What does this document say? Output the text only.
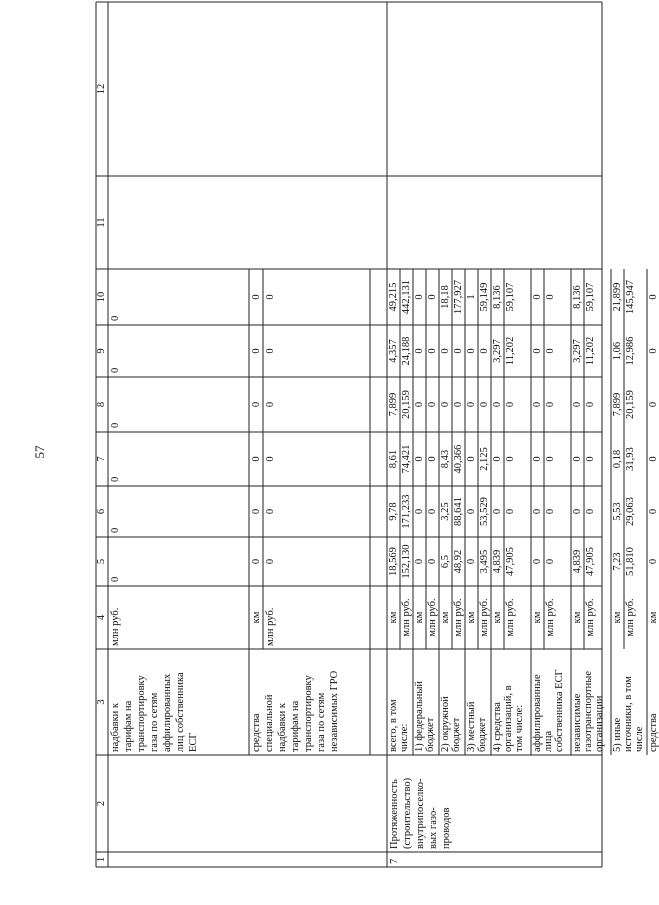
57
1
2
3
4
5
6
7
8
9
10
11
12
надбавки к тарифам на транспортировку газа по сетям аффилированных лиц собственника ЕСГ
млн руб.
0
0
0
0
0
0
средства специальной надбавки к тарифам на транспортировку газа по сетям независимых ГРО
км млн руб.
0 0
0 0
0 0
0 0
0 0
0 0
7
Протяженность (строительство) внутрипоселко- вых газо- проводов
всего, в том числе:
км млн руб.
18,569 152,130
9,78 171,233
8,61 74,421
7,899 20,159
4,357 24,188
49,215 442,131
1) федеральный бюджет
км млн руб.
0 0
0 0
0 0
0 0
0 0
0 0
2) окружной бюджет
км млн руб.
6,5 48,92
3,25 88,641
8,43 40,366
0 0
0 0
18,18 177,927
3) местный бюджет
км млн руб.
0 3,495
0 53,529
0 2,125
0 0
0 0
1 59,149
4) средства организаций, в том числе:
км млн руб.
4,839 47,905
0 0
0 0
0 0
3,297 11,202
8,136 59,107
аффилированные лица собственника ЕСГ
км млн руб.
0 0
0 0
0 0
0 0
0 0
0 0
независимые газотранспортные организации
км млн руб.
4,839 47,905
0 0
0 0
0 0
3,297 11,202
8,136 59,107
5) иные источники, в том числе
км млн руб.
7,23 51,810
5,53 29,063
0,18 31,93
7,899 20,159
1,06 12,986
21,899 145,947
средства
км
0
0
0
0
0
0
